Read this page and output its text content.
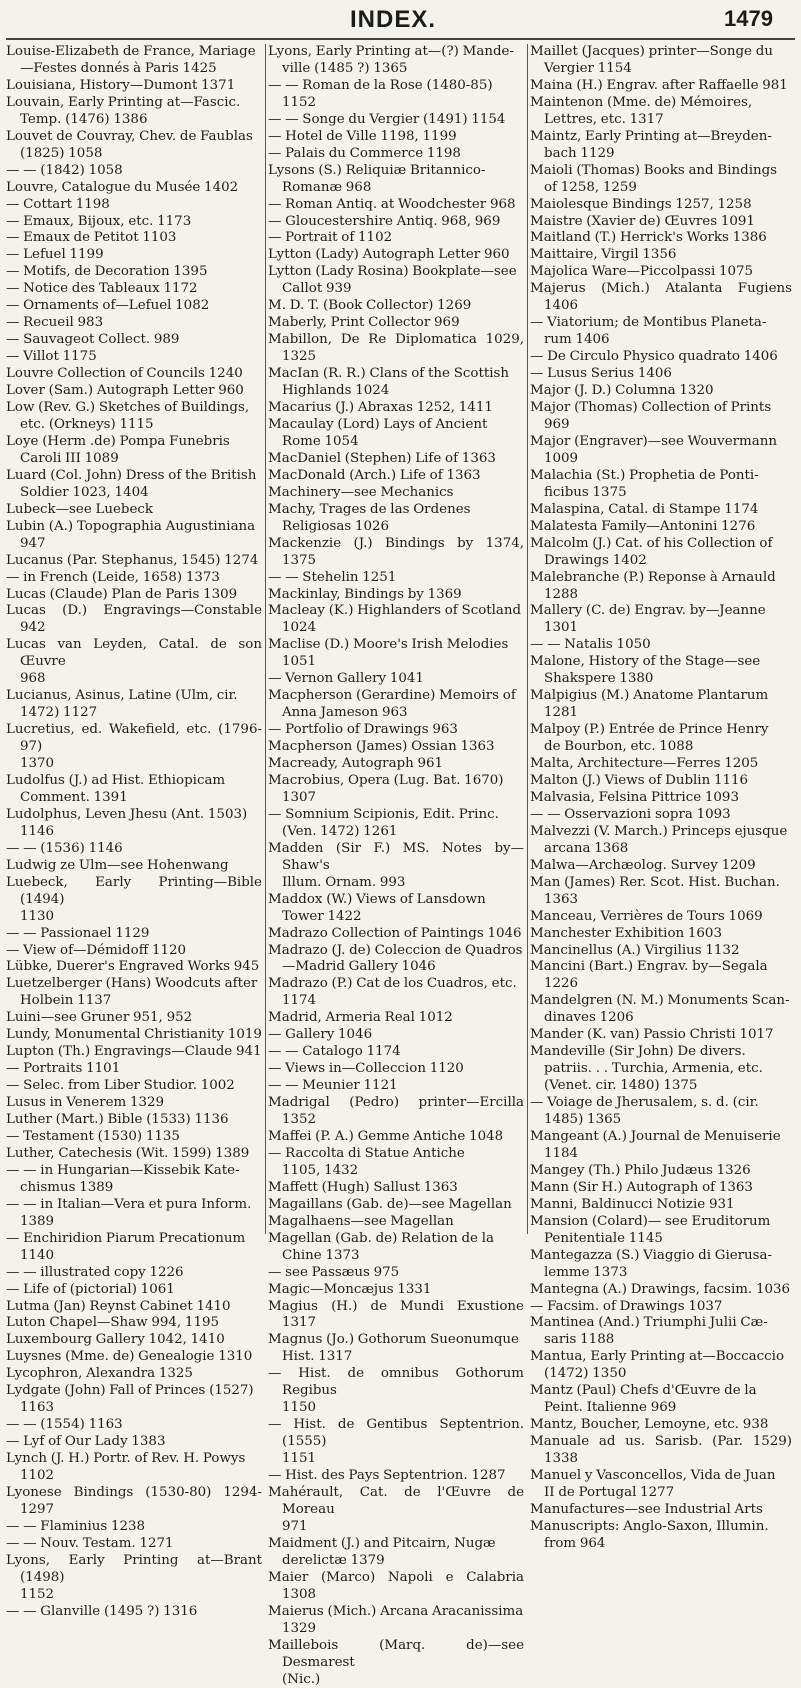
INDEX.	1479
Louise-Elizabeth de France, Mariage
—Festes donnés à Paris 1425
Louisiana, History—Dumont 1371
Louvain, Early Printing at—Fascic.
Temp. (1476) 1386
Louvet de Couvray, Chev. de Faublas
(1825) 1058
— — (1842) 1058
Louvre, Catalogue du Musée 1402
— Cottart 1198
— Emaux, Bijoux, etc. 1173
— Emaux de Petitot 1103
— Lefuel 1199
— Motifs, de Decoration 1395
— Notice des Tableaux 1172
— Ornaments of—Lefuel 1082
— Recueil 983
— Sauvageot Collect. 989
— Villot 1175
Louvre Collection of Councils 1240
Lover (Sam.) Autograph Letter 960
Low (Rev. G.) Sketches of Buildings,
etc. (Orkneys) 1115
Loye (Herm .de) Pompa Funebris
Caroli III 1089
Luard (Col. John) Dress of the British
Soldier 1023, 1404
Lubeck—see Luebeck
Lubin (A.) Topographia Augustiniana
947
Lucanus (Par. Stephanus, 1545) 1274
— in French (Leide, 1658) 1373
Lucas (Claude) Plan de Paris 1309
Lucas (D.) Engravings—Constable 942
Lucas van Leyden, Catal. de son Œuvre
968
Lucianus, Asinus, Latine (Ulm, cir.
1472) 1127
Lucretius, ed. Wakefield, etc. (1796-97)
1370
Ludolfus (J.) ad Hist. Ethiopicam
Comment. 1391
Ludolphus, Leven Jhesu (Ant. 1503)
1146
— — (1536) 1146
Ludwig ze Ulm—see Hohenwang
Luebeck, Early Printing—Bible (1494)
1130
— — Passionael 1129
— View of—Démidoff 1120
Lübke, Duerer's Engraved Works 945
Luetzelberger (Hans) Woodcuts after
Holbein 1137
Luini—see Gruner 951, 952
Lundy, Monumental Christianity 1019
Lupton (Th.) Engravings—Claude 941
— Portraits 1101
— Selec. from Liber Studior. 1002
Lusus in Venerem 1329
Luther (Mart.) Bible (1533) 1136
— Testament (1530) 1135
Luther, Catechesis (Wit. 1599) 1389
— — in Hungarian—Kissebik Kate-
chismus 1389
— — in Italian—Vera et pura Inform.
1389
— Enchiridion Piarum Precationum
1140
— — illustrated copy 1226
— Life of (pictorial) 1061
Lutma (Jan) Reynst Cabinet 1410
Luton Chapel—Shaw 994, 1195
Luxembourg Gallery 1042, 1410
Luysnes (Mme. de) Genealogie 1310
Lycophron, Alexandra 1325
Lydgate (John) Fall of Princes (1527)
1163
— — (1554) 1163
— Lyf of Our Lady 1383
Lynch (J. H.) Portr. of Rev. H. Powys
1102
Lyonese Bindings (1530-80) 1294-1297
— — Flaminius 1238
— — Nouv. Testam. 1271
Lyons, Early Printing at—Brant (1498)
1152
— — Glanville (1495 ?) 1316
Lyons, Early Printing at—(?) Mande-
ville (1485 ?) 1365
— — Roman de la Rose (1480-85)
1152
— — Songe du Vergier (1491) 1154
— Hotel de Ville 1198, 1199
— Palais du Commerce 1198
Lysons (S.) Reliquiæ Britannico-
Romanæ 968
— Roman Antiq. at Woodchester 968
— Gloucestershire Antiq. 968, 969
— Portrait of 1102
Lytton (Lady) Autograph Letter 960
Lytton (Lady Rosina) Bookplate—see
Callot 939
M. D. T. (Book Collector) 1269
Maberly, Print Collector 969
Mabillon, De Re Diplomatica 1029, 1325
MacIan (R. R.) Clans of the Scottish
Highlands 1024
Macarius (J.) Abraxas 1252, 1411
Macaulay (Lord) Lays of Ancient
Rome 1054
MacDaniel (Stephen) Life of 1363
MacDonald (Arch.) Life of 1363
Machinery—see Mechanics
Machy, Trages de las Ordenes
Religiosas 1026
Mackenzie (J.) Bindings by 1374, 1375
— — Stehelin 1251
Mackinlay, Bindings by 1369
Macleay (K.) Highlanders of Scotland
1024
Maclise (D.) Moore's Irish Melodies
1051
— Vernon Gallery 1041
Macpherson (Gerardine) Memoirs of
Anna Jameson 963
— Portfolio of Drawings 963
Macpherson (James) Ossian 1363
Macready, Autograph 961
Macrobius, Opera (Lug. Bat. 1670)
1307
— Somnium Scipionis, Edit. Princ.
(Ven. 1472) 1261
Madden (Sir F.) MS. Notes by—Shaw's
Illum. Ornam. 993
Maddox (W.) Views of Lansdown
Tower 1422
Madrazo Collection of Paintings 1046
Madrazo (J. de) Coleccion de Quadros
—Madrid Gallery 1046
Madrazo (P.) Cat de los Cuadros, etc.
1174
Madrid, Armeria Real 1012
— Gallery 1046
— — Catalogo 1174
— Views in—Colleccion 1120
— — Meunier 1121
Madrigal (Pedro) printer—Ercilla 1352
Maffei (P. A.) Gemme Antiche 1048
— Raccolta di Statue Antiche
1105, 1432
Maffett (Hugh) Sallust 1363
Magaillans (Gab. de)—see Magellan
Magalhaens—see Magellan
Magellan (Gab. de) Relation de la
Chine 1373
— see Passæus 975
Magic—Moncæjus 1331
Magius (H.) de Mundi Exustione 1317
Magnus (Jo.) Gothorum Sueonumque
Hist. 1317
— Hist. de omnibus Gothorum Regibus
1150
— Hist. de Gentibus Septentrion.(1555)
1151
— Hist. des Pays Septentrion. 1287
Mahérault, Cat. de l'Œuvre de Moreau
971
Maidment (J.) and Pitcairn, Nugæ
derelictæ 1379
Maier (Marco) Napoli e Calabria 1308
Maierus (Mich.) Arcana Aracanissima
1329
Maillebois (Marq. de)—see Desmarest
(Nic.)
Maillet (Jacques) printer—Songe du
Vergier 1154
Maina (H.) Engrav. after Raffaelle 981
Maintenon (Mme. de) Mémoires,
Lettres, etc. 1317
Maintz, Early Printing at—Breyden-
bach 1129
Maioli (Thomas) Books and Bindings
of 1258, 1259
Maiolesque Bindings 1257, 1258
Maistre (Xavier de) Œuvres 1091
Maitland (T.) Herrick's Works 1386
Maittaire, Virgil 1356
Majolica Ware—Piccolpassi 1075
Majerus (Mich.) Atalanta Fugiens 1406
— Viatorium; de Montibus Planeta-
rum 1406
— De Circulo Physico quadrato 1406
— Lusus Serius 1406
Major (J. D.) Columna 1320
Major (Thomas) Collection of Prints
969
Major (Engraver)—see Wouvermann
1009
Malachia (St.) Prophetia de Ponti-
ficibus 1375
Malaspina, Catal. di Stampe 1174
Malatesta Family—Antonini 1276
Malcolm (J.) Cat. of his Collection of
Drawings 1402
Malebranche (P.) Reponse à Arnauld
1288
Mallery (C. de) Engrav. by—Jeanne
1301
— — Natalis 1050
Malone, History of the Stage—see
Shakspere 1380
Malpigius (M.) Anatome Plantarum
1281
Malpoy (P.) Entrée de Prince Henry
de Bourbon, etc. 1088
Malta, Architecture—Ferres 1205
Malton (J.) Views of Dublin 1116
Malvasia, Felsina Pittrice 1093
— — Osservazioni sopra 1093
Malvezzi (V. March.) Princeps ejusque
arcana 1368
Malwa—Archæolog. Survey 1209
Man (James) Rer. Scot. Hist. Buchan.
1363
Manceau, Verrières de Tours 1069
Manchester Exhibition 1603
Mancinellus (A.) Virgilius 1132
Mancini (Bart.) Engrav. by—Segala
1226
Mandelgren (N. M.) Monuments Scan-
dinaves 1206
Mander (K. van) Passio Christi 1017
Mandeville (Sir John) De divers.
patriis. . . Turchia, Armenia, etc.
(Venet. cir. 1480) 1375
— Voiage de Jherusalem, s. d. (cir.
1485) 1365
Mangeant (A.) Journal de Menuiserie
1184
Mangey (Th.) Philo Judæus 1326
Mann (Sir H.) Autograph of 1363
Manni, Baldinucci Notizie 931
Mansion (Colard)— see Eruditorum
Penitentiale 1145
Mantegazza (S.) Viaggio di Gierusa-
lemme 1373
Mantegna (A.) Drawings, facsim. 1036
— Facsim. of Drawings 1037
Mantinea (And.) Triumphi Julii Cæ-
saris 1188
Mantua, Early Printing at—Boccaccio
(1472) 1350
Mantz (Paul) Chefs d'Œuvre de la
Peint. Italienne 969
Mantz, Boucher, Lemoyne, etc. 938
Manuale ad us. Sarisb. (Par. 1529) 1338
Manuel y Vasconcellos, Vida de Juan
II de Portugal 1277
Manufactures—see Industrial Arts
Manuscripts: Anglo-Saxon, Illumin.
from 964
